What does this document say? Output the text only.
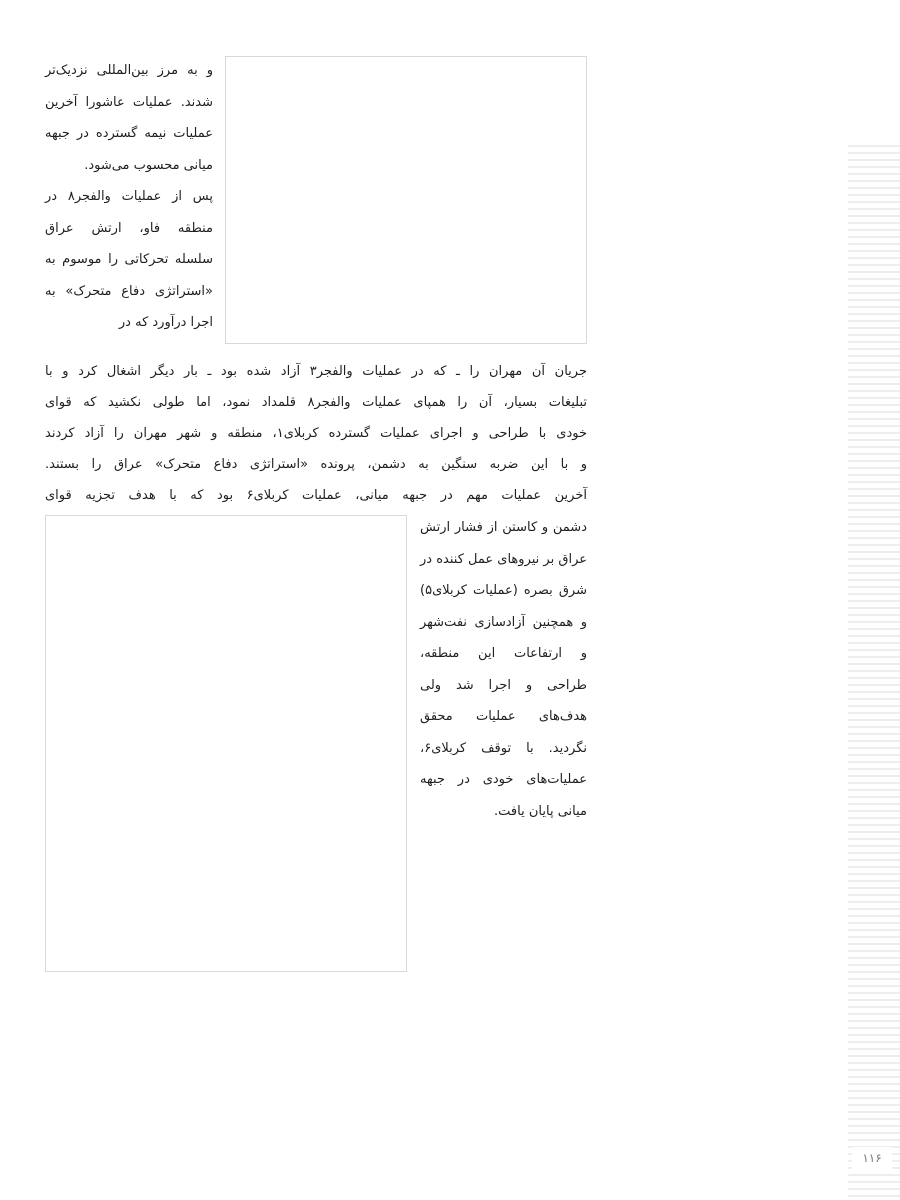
و به مرز بین‌المللی نزدیک‌تر شدند. عملیات عاشورا آخرین عملیات نیمه گسترده در جبهه میانی محسوب می‌شود.

پس از عملیات والفجر۸ در منطقه فاو، ارتش عراق سلسله تحرکاتی را موسوم به «استراتژی دفاع متحرک» به اجرا درآورد که در

جریان آن مهران را ـ که در عملیات والفجر۳ آزاد شده بود ـ بار دیگر اشغال کرد و با
تبلیغات بسیار، آن را همپای عملیات والفجر۸ قلمداد نمود، اما طولی نکشید که قوای
خودی با طراحی و اجرای عملیات گسترده کربلای۱، منطقه و شهر مهران را آزاد کردند
و با این ضربه سنگین به دشمن، پرونده «استراتژی دفاع متحرک» عراق را بستند.
آخرین عملیات مهم در جبهه میانی، عملیات کربلای۶ بود که با هدف تجزیه قوای

دشمن و کاستن از فشار ارتش عراق بر نیروهای عمل کننده در شرق بصره (عملیات کربلای۵) و همچنین آزادسازی نفت‌شهر و ارتفاعات این منطقه، طراحی و اجرا شد ولی هدف‌های عملیات محقق نگردید. با توقف کربلای۶، عملیات‌های خودی در جبهه میانی پایان یافت.

۱۱۶
